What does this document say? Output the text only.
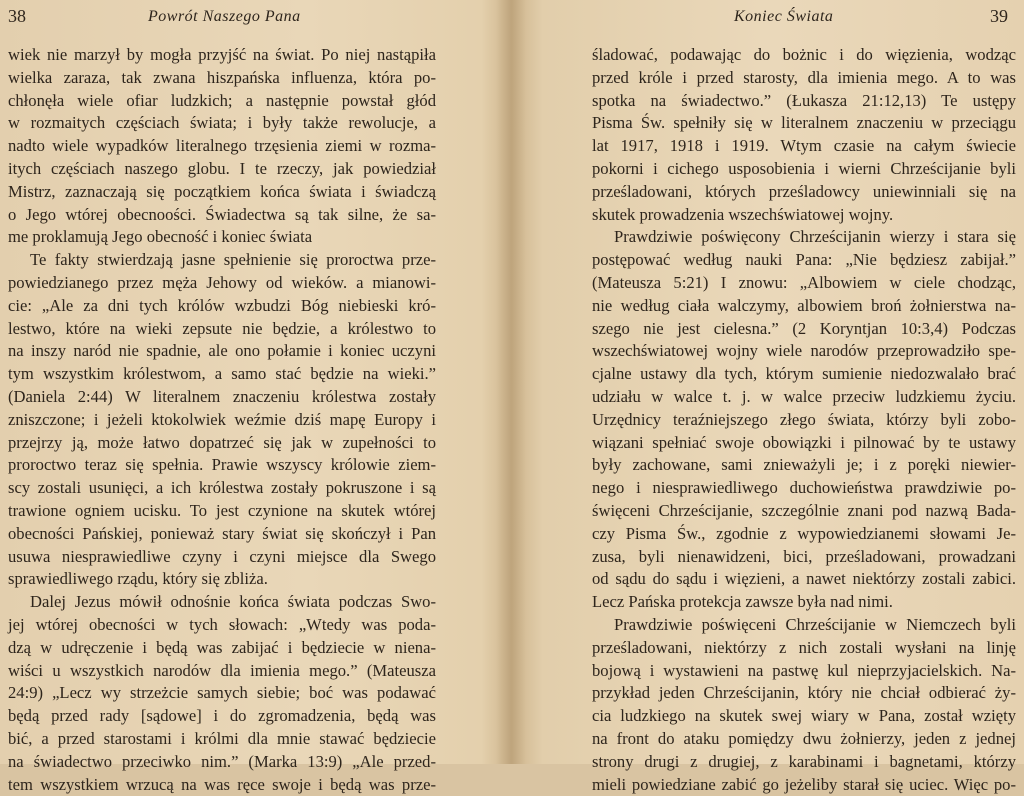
38	Powrót Naszego Pana
wiek nie marzył by mogła przyjść na świat. Po niej nastąpiła
wielka zaraza, tak zwana hiszpańska influenza, która po-
chłonęła wiele ofiar ludzkich; a następnie powstał głód
w rozmaitych częściach świata; i były także rewolucje, a
nadto wiele wypadków literalnego trzęsienia ziemi w rozma-
itych częściach naszego globu. I te rzeczy, jak powiedział
Mistrz, zaznaczają się początkiem końca świata i świadczą
o Jego wtórej obecnoości. Świadectwa są tak silne, że sa-
me proklamują Jego obecność i koniec świata
Te fakty stwierdzają jasne spełnienie się proroctwa prze-
powiedzianego przez męża Jehowy od wieków. a mianowi-
cie: „Ale za dni tych królów wzbudzi Bóg niebieski kró-
lestwo, które na wieki zepsute nie będzie, a królestwo to
na inszy naród nie spadnie, ale ono połamie i koniec uczyni
tym wszystkim królestwom, a samo stać będzie na wieki.”
(Daniela 2:44) W literalnem znaczeniu królestwa zostały
zniszczone; i jeżeli ktokolwiek weźmie dziś mapę Europy i
przejrzy ją, może łatwo dopatrzeć się jak w zupełności to
proroctwo teraz się spełnia. Prawie wszyscy królowie ziem-
scy zostali usunięci, a ich królestwa zostały pokruszone i są
trawione ogniem ucisku. To jest czynione na skutek wtórej
obecności Pańskiej, ponieważ stary świat się skończył i Pan
usuwa niesprawiedliwe czyny i czyni miejsce dla Swego
sprawiedliwego rządu, który się zbliża.
Dalej Jezus mówił odnośnie końca świata podczas Swo-
jej wtórej obecności w tych słowach: „Wtedy was poda-
dzą w udręczenie i będą was zabijać i będziecie w niena-
wiści u wszystkich narodów dla imienia mego.” (Mateusza
24:9) „Lecz wy strzeżcie samych siebie; boć was podawać
będą przed rady [sądowe] i do zgromadzenia, będą was
bić, a przed starostami i królmi dla mnie stawać będziecie
na świadectwo przeciwko nim.” (Marka 13:9) „Ale przed-
tem wszystkiem wrzucą na was ręce swoje i będą was prze-
Koniec Świata	39
śladować, podawając do bożnic i do więzienia, wodząc
przed króle i przed starosty, dla imienia mego. A to was
spotka na świadectwo.” (Łukasza 21:12,13) Te ustępy
Pisma Św. spełniły się w literalnem znaczeniu w przeciągu
lat 1917, 1918 i 1919. Wtym czasie na całym świecie
pokorni i cichego usposobienia i wierni Chrześcijanie byli
prześladowani, których prześladowcy uniewinniali się na
skutek prowadzenia wszechświatowej wojny.
Prawdziwie poświęcony Chrześcijanin wierzy i stara się
postępować według nauki Pana: „Nie będziesz zabijał.”
(Mateusza 5:21) I znowu: „Albowiem w ciele chodząc,
nie według ciała walczymy, albowiem broń żołnierstwa na-
szego nie jest cielesna.” (2 Koryntjan 10:3,4) Podczas
wszechświatowej wojny wiele narodów przeprowadziło spe-
cjalne ustawy dla tych, którym sumienie niedozwalało brać
udziału w walce t. j. w walce przeciw ludzkiemu życiu.
Urzędnicy teraźniejszego złego świata, którzy byli zobo-
wiązani spełniać swoje obowiązki i pilnować by te ustawy
były zachowane, sami znieważyli je; i z poręki niewier-
nego i niesprawiedliwego duchowieństwa prawdziwie po-
święceni Chrześcijanie, szczególnie znani pod nazwą Bada-
czy Pisma Św., zgodnie z wypowiedzianemi słowami Je-
zusa, byli nienawidzeni, bici, prześladowani, prowadzani
od sądu do sądu i więzieni, a nawet niektórzy zostali zabici.
Lecz Pańska protekcja zawsze była nad nimi.
Prawdziwie poświęceni Chrześcijanie w Niemczech byli
prześladowani, niektórzy z nich zostali wysłani na linję
bojową i wystawieni na pastwę kul nieprzyjacielskich. Na-
przykład jeden Chrześcijanin, który nie chciał odbierać ży-
cia ludzkiego na skutek swej wiary w Pana, został wzięty
na front do ataku pomiędzy dwu żołnierzy, jeden z jednej
strony drugi z drugiej, z karabinami i bagnetami, którzy
mieli powiedziane zabić go jeżeliby starał się uciec. Więc po-
